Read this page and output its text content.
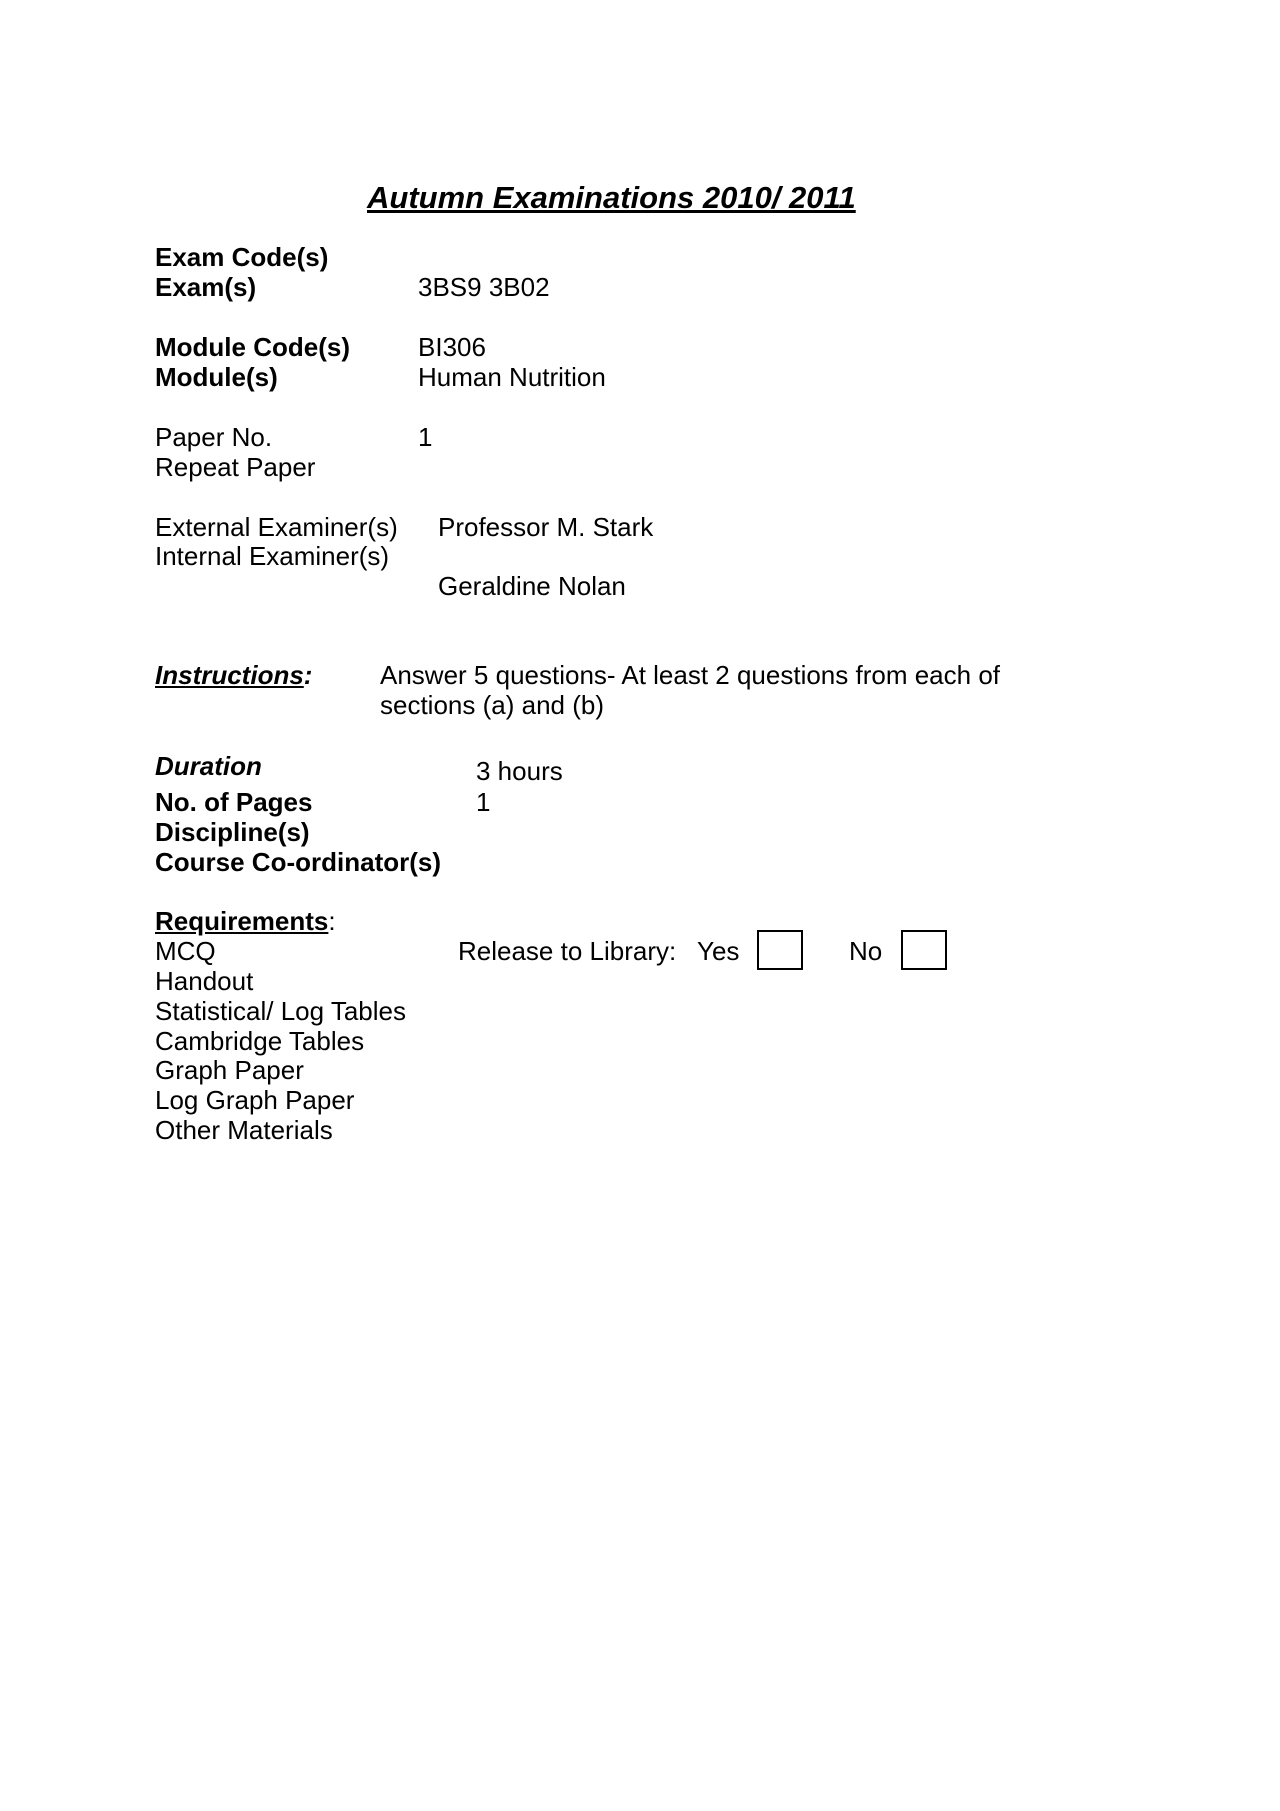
Autumn Examinations 2010/ 2011
Exam Code(s)
Exam(s)	3BS9 3B02
Module Code(s)	BI306
Module(s)	Human Nutrition
Paper No.	1
Repeat Paper
External Examiner(s) Professor M. Stark
Internal Examiner(s)
Geraldine Nolan
Instructions:	Answer 5 questions- At least 2 questions from each of
sections (a) and (b)
Duration	3 hours
No. of Pages	1
Discipline(s)
Course Co-ordinator(s)
Requirements:
MCQ
Handout
Statistical/ Log Tables
Cambridge Tables
Graph Paper
Log Graph Paper
Other Materials
Release to Library: Yes	No
